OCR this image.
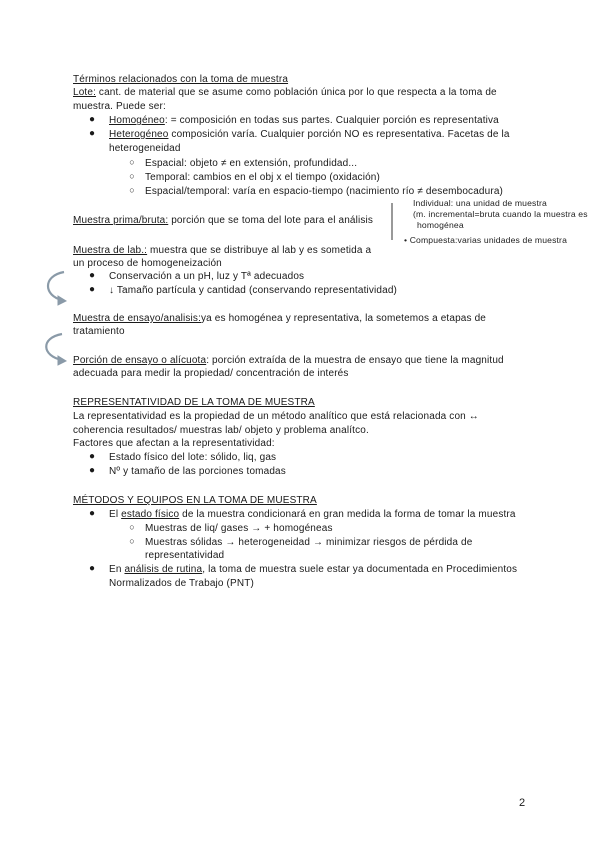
Términos relacionados con la toma de muestra
Lote: cant. de material que se asume como población única por lo que respecta a la toma de
muestra. Puede ser:
● Homogéneo: = composición en todas sus partes. Cualquier porción es representativa
● Heterogéneo composición varía. Cualquier porción NO es representativa. Facetas de la
heterogeneidad
○ Espacial: objeto ≠ en extensión, profundidad...
○ Temporal: cambios en el obj x el tiempo (oxidación)
○ Espacial/temporal: varía en espacio-tiempo (nacimiento río ≠ desembocadura)
Muestra prima/bruta: porción que se toma del lote para el análisis
Individual: una unidad de muestra
(m. incremental=bruta cuando la muestra es
homogénea
• Compuesta:varias unidades de muestra
Muestra de lab.: muestra que se distribuye al lab y es sometida a
un proceso de homogeneización
● Conservación a un pH, luz y Tª adecuados
● ↓ Tamaño partícula y cantidad (conservando representatividad)
Muestra de ensayo/analisis:ya es homogénea y representativa, la sometemos a etapas de
tratamiento
Porción de ensayo o alícuota: porción extraída de la muestra de ensayo que tiene la magnitud
adecuada para medir la propiedad/ concentración de interés
REPRESENTATIVIDAD DE LA TOMA DE MUESTRA
La representatividad es la propiedad de un método analítico que está relacionada con ↔
coherencia resultados/ muestras lab/ objeto y problema analítco.
Factores que afectan a la representatividad:
● Estado físico del lote: sólido, liq, gas
● Nº y tamaño de las porciones tomadas
MÉTODOS Y EQUIPOS EN LA TOMA DE MUESTRA
● El estado físico de la muestra condicionará en gran medida la forma de tomar la muestra
○ Muestras de liq/ gases → + homogéneas
○ Muestras sólidas → heterogeneidad → minimizar riesgos de pérdida de
representatividad
● En análisis de rutina, la toma de muestra suele estar ya documentada en Procedimientos
Normalizados de Trabajo (PNT)
2
